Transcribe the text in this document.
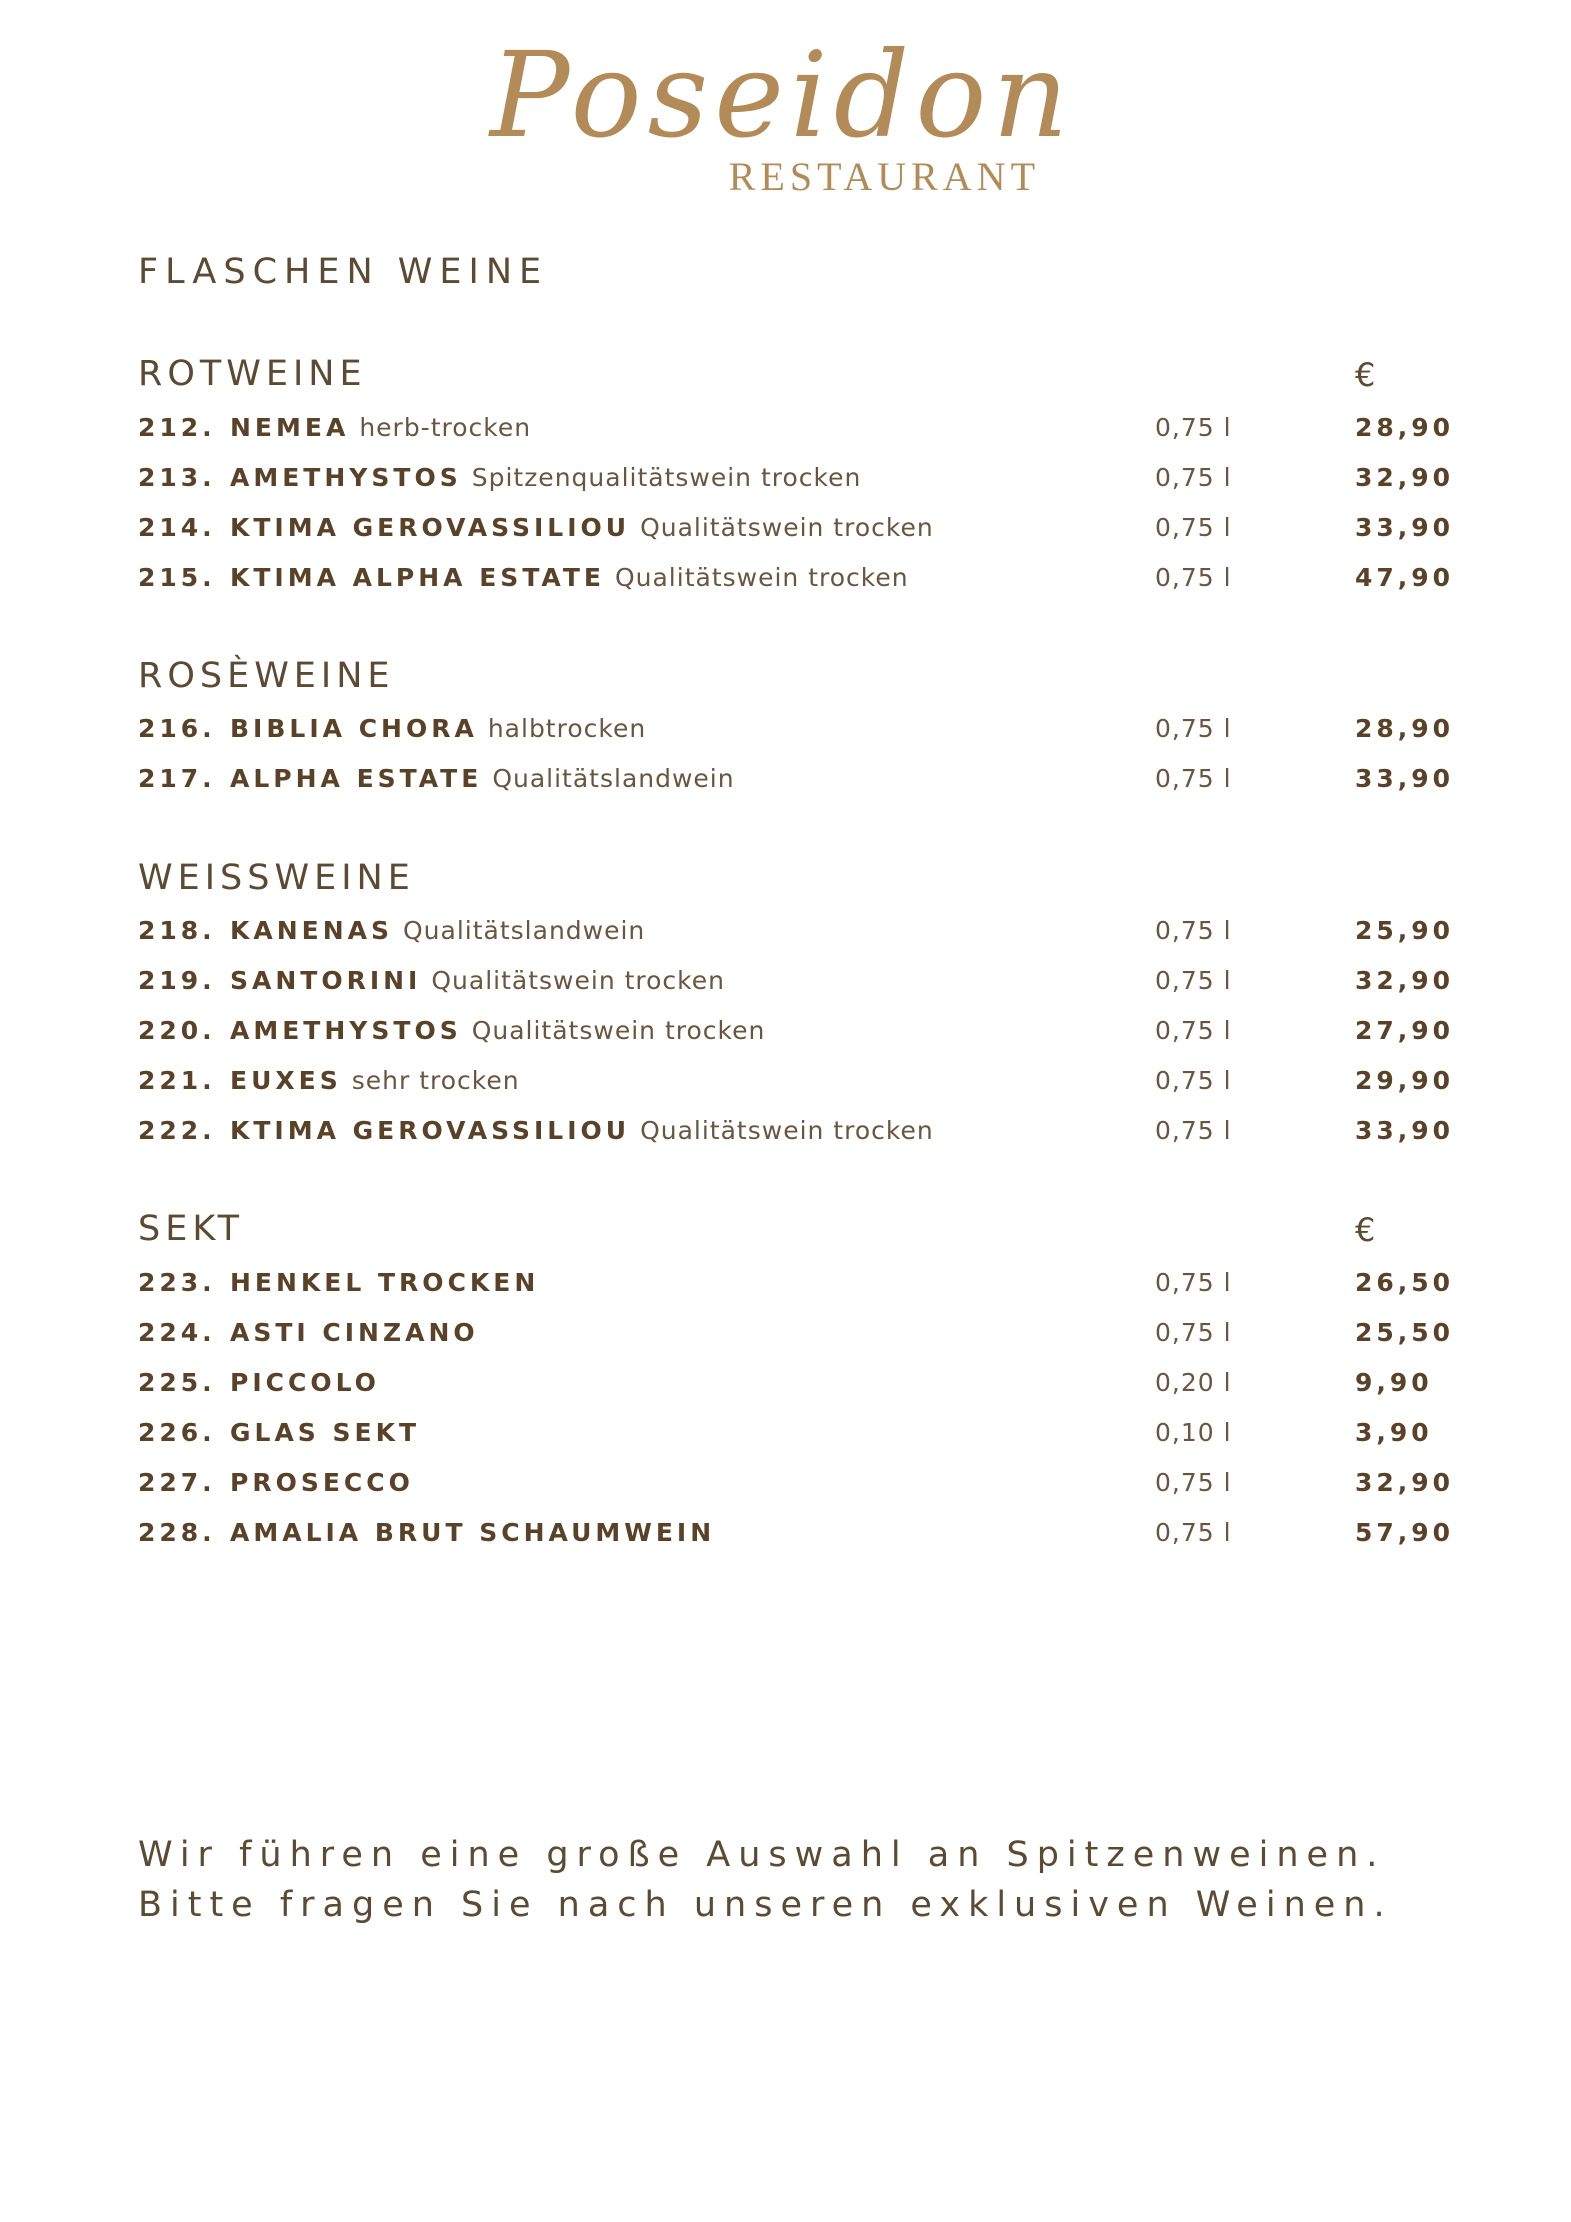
Poseidon
RESTAURANT
FLASCHEN WEINE
ROTWEINE	€
212. NEMEA herb-trocken	0,75 l	28,90
213. AMETHYSTOS Spitzenqualitätswein trocken	0,75 l	32,90
214. KTIMA GEROVASSILIOU Qualitätswein trocken	0,75 l	33,90
215. KTIMA ALPHA ESTATE Qualitätswein trocken	0,75 l	47,90
ROSÈWEINE
216. BIBLIA CHORA halbtrocken	0,75 l	28,90
217. ALPHA ESTATE Qualitätslandwein	0,75 l	33,90
WEISSWEINE
218. KANENAS Qualitätslandwein	0,75 l	25,90
219. SANTORINI Qualitätswein trocken	0,75 l	32,90
220. AMETHYSTOS Qualitätswein trocken	0,75 l	27,90
221. EUXES sehr trocken	0,75 l	29,90
222. KTIMA GEROVASSILIOU Qualitätswein trocken	0,75 l	33,90
SEKT	€
223. HENKEL TROCKEN	0,75 l	26,50
224. ASTI CINZANO	0,75 l	25,50
225. PICCOLO	0,20 l	9,90
226. GLAS SEKT	0,10 l	3,90
227. PROSECCO	0,75 l	32,90
228. AMALIA BRUT SCHAUMWEIN	0,75 l	57,90
Wir führen eine große Auswahl an Spitzenweinen.
Bitte fragen Sie nach unseren exklusiven Weinen.
